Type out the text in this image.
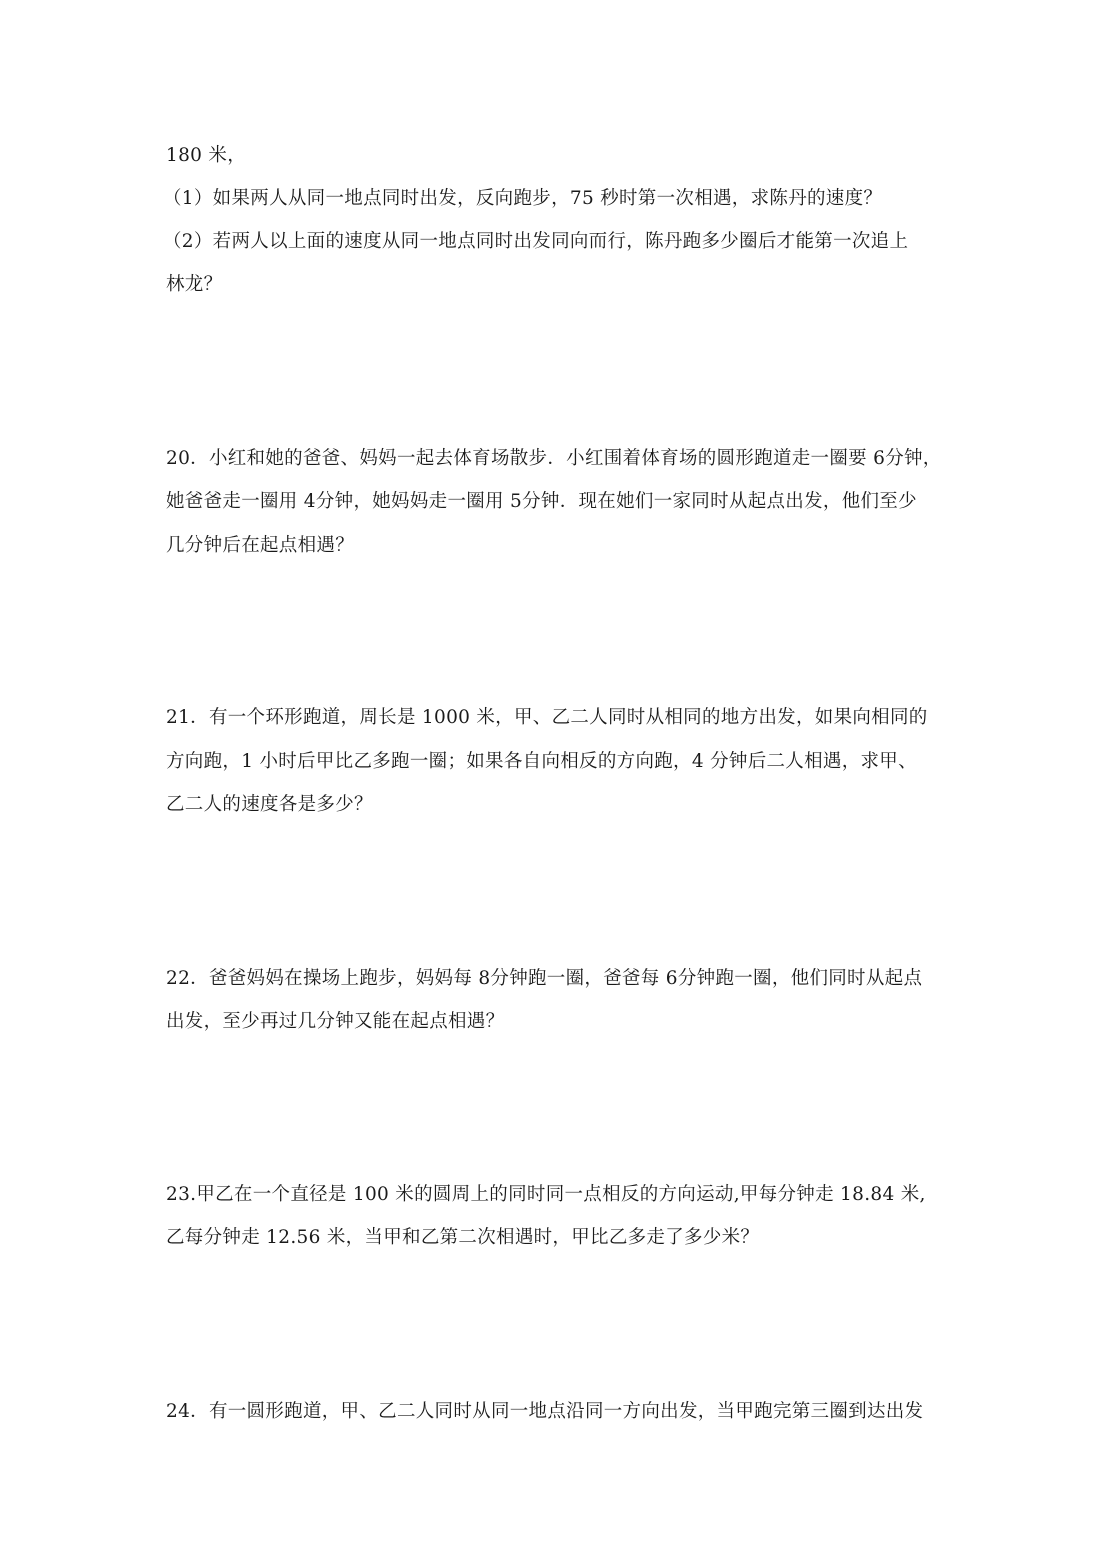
180 米，
（1）如果两人从同一地点同时出发，反向跑步，75 秒时第一次相遇，求陈丹的速度？
（2）若两人以上面的速度从同一地点同时出发同向而行，陈丹跑多少圈后才能第一次追上
林龙？
20．小红和她的爸爸、妈妈一起去体育场散步．小红围着体育场的圆形跑道走一圈要 6分钟，
她爸爸走一圈用 4分钟，她妈妈走一圈用 5分钟．现在她们一家同时从起点出发，他们至少
几分钟后在起点相遇？
21．有一个环形跑道，周长是 1000 米，甲、乙二人同时从相同的地方出发，如果向相同的
方向跑，1 小时后甲比乙多跑一圈；如果各自向相反的方向跑，4 分钟后二人相遇，求甲、
乙二人的速度各是多少？
22．爸爸妈妈在操场上跑步，妈妈每 8分钟跑一圈，爸爸每 6分钟跑一圈，他们同时从起点
出发，至少再过几分钟又能在起点相遇？
23.甲乙在一个直径是 100 米的圆周上的同时同一点相反的方向运动,甲每分钟走 18.84 米,
乙每分钟走 12.56 米，当甲和乙第二次相遇时，甲比乙多走了多少米？
24．有一圆形跑道，甲、乙二人同时从同一地点沿同一方向出发，当甲跑完第三圈到达出发
